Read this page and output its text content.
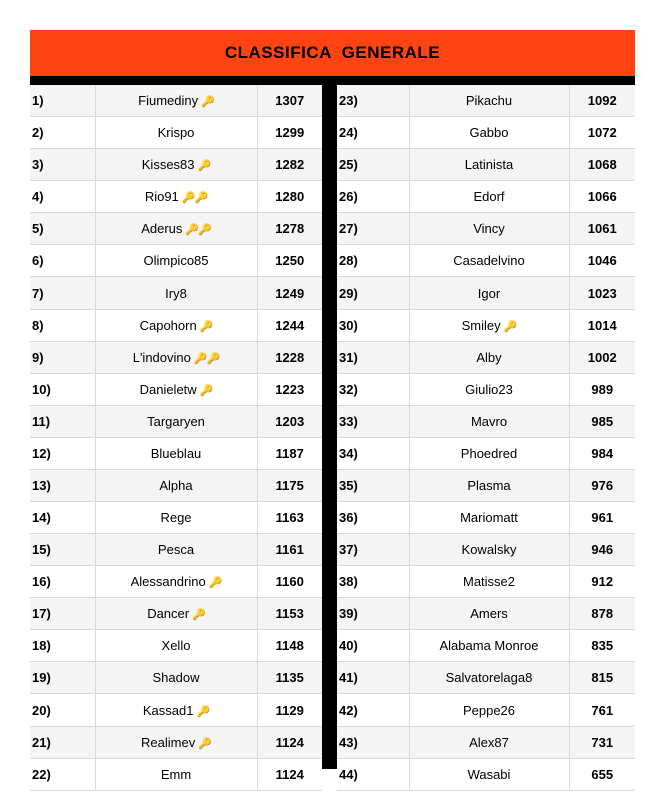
CLASSIFICA  GENERALE
1)	Fiumediny 🔑	1307
2)	Krispo	1299
3)	Kisses83 🔑	1282
4)	Rio91 🔑🔑	1280
5)	Aderus 🔑🔑	1278
6)	Olimpico85	1250
7)	Iry8	1249
8)	Capohorn 🔑	1244
9)	L'indovino 🔑🔑	1228
10)	Danieletw 🔑	1223
11)	Targaryen	1203
12)	Blueblau	1187
13)	Alpha	1175
14)	Rege	1163
15)	Pesca	1161
16)	Alessandrino 🔑	1160
17)	Dancer 🔑	1153
18)	Xello	1148
19)	Shadow	1135
20)	Kassad1 🔑	1129
21)	Realimev 🔑	1124
22)	Emm	1124
23)	Pikachu	1092
24)	Gabbo	1072
25)	Latinista	1068
26)	Edorf	1066
27)	Vincy	1061
28)	Casadelvino	1046
29)	Igor	1023
30)	Smiley 🔑	1014
31)	Alby	1002
32)	Giulio23	989
33)	Mavro	985
34)	Phoedred	984
35)	Plasma	976
36)	Mariomatt	961
37)	Kowalsky	946
38)	Matisse2	912
39)	Amers	878
40)	Alabama Monroe	835
41)	Salvatorelaga8	815
42)	Peppe26	761
43)	Alex87	731
44)	Wasabi	655
